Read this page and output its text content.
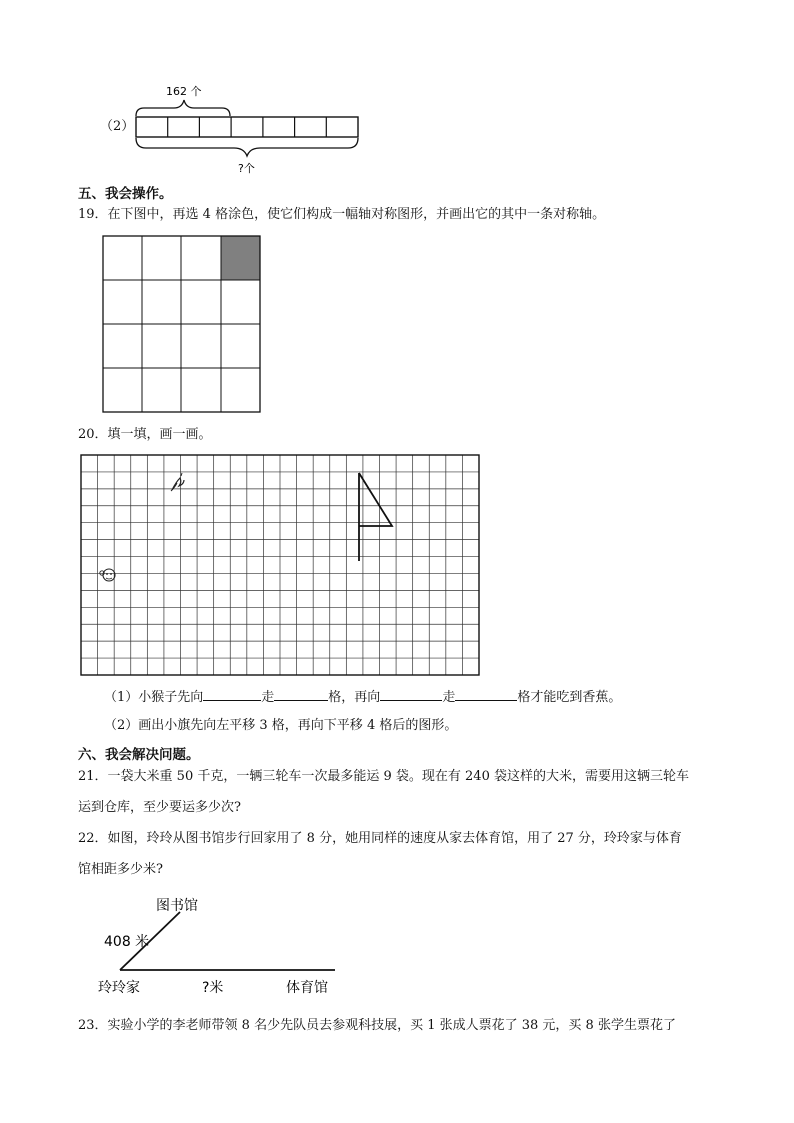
（2）
162 个
?个
五、我会操作。
19．在下图中，再选 4 格涂色，使它们构成一幅轴对称图形，并画出它的其中一条对称轴。
20．填一填，画一画。
（1）小猴子先向	走	格，再向	走	格才能吃到香蕉。
（2）画出小旗先向左平移 3 格，再向下平移 4 格后的图形。
六、我会解决问题。
21．一袋大米重 50 千克，一辆三轮车一次最多能运 9 袋。现在有 240 袋这样的大米，需要用这辆三轮车
运到仓库，至少要运多少次?
22．如图，玲玲从图书馆步行回家用了 8 分，她用同样的速度从家去体育馆，用了 27 分，玲玲家与体育
馆相距多少米?
图书馆
408 米
玲玲家	?米	体育馆
23．实验小学的李老师带领 8 名少先队员去参观科技展，买 1 张成人票花了 38 元，买 8 张学生票花了
